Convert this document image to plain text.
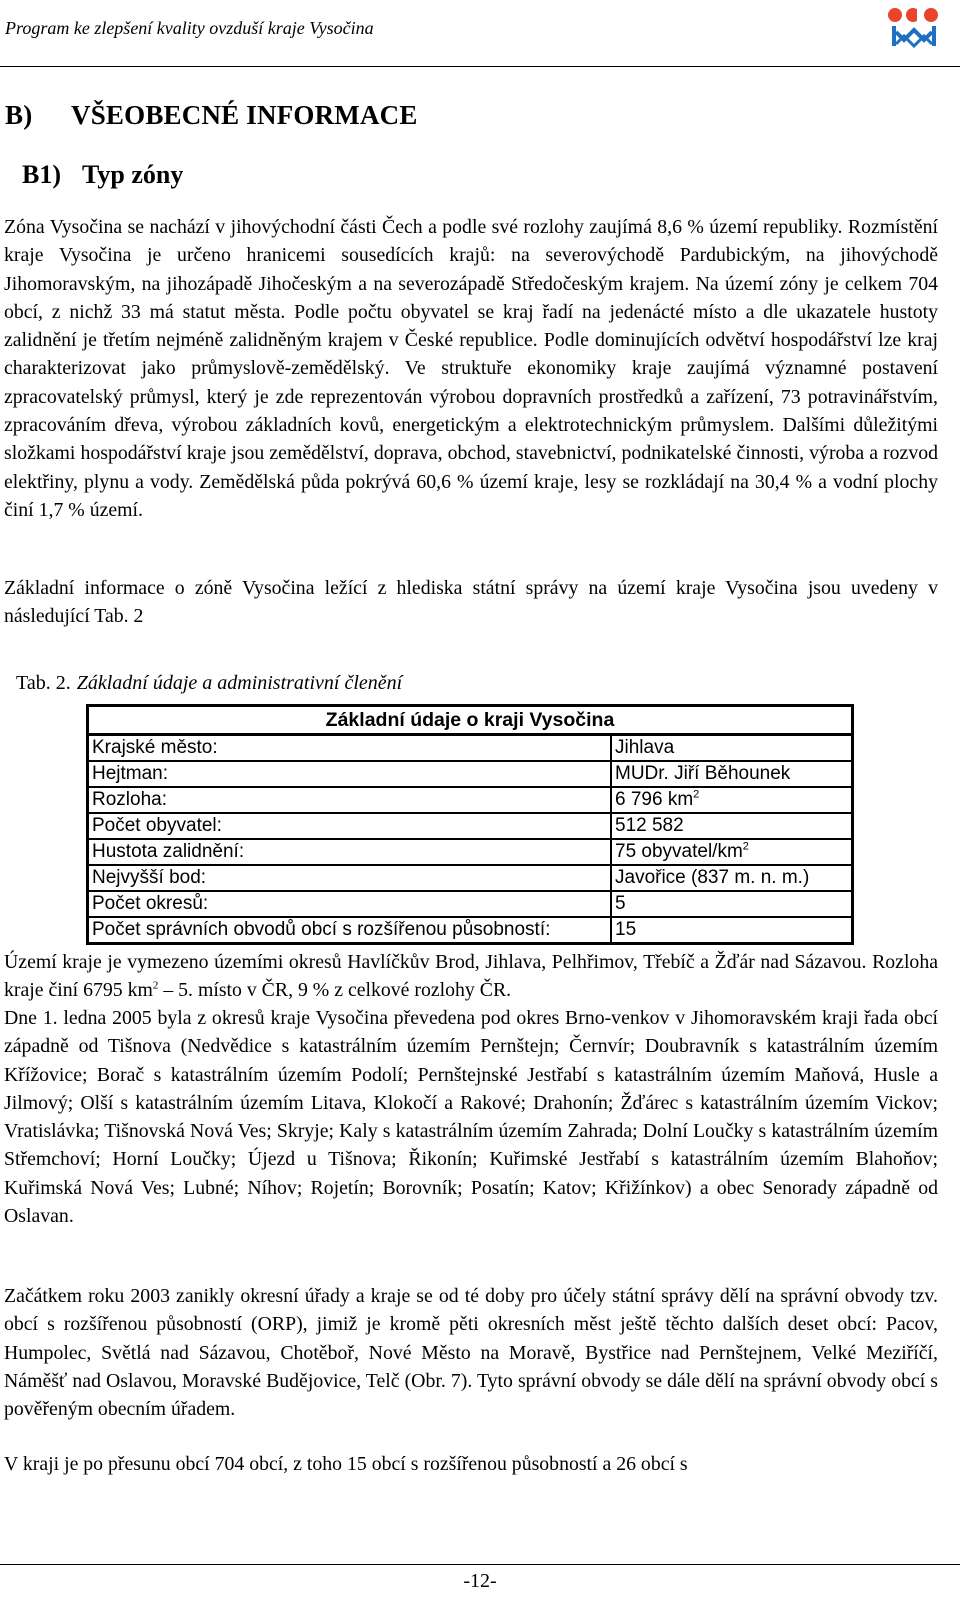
Program ke zlepšení kvality ovzduší kraje Vysočina
B) VŠEOBECNÉ INFORMACE
B1) Typ zóny

Zóna Vysočina se nachází v jihovýchodní části Čech a podle své rozlohy zaujímá 8,6 % území republiky. Rozmístění kraje Vysočina je určeno hranicemi sousedících krajů: na severovýchodě Pardubickým, na jihovýchodě Jihomoravským, na jihozápadě Jihočeským a na severozápadě Středočeským krajem. Na území zóny je celkem 704 obcí, z nichž 33 má statut města. Podle počtu obyvatel se kraj řadí na jedenácté místo a dle ukazatele hustoty zalidnění je třetím nejméně zalidněným krajem v České republice. Podle dominujících odvětví hospodářství lze kraj charakterizovat jako průmyslově-zemědělský. Ve struktuře ekonomiky kraje zaujímá významné postavení zpracovatelský průmysl, který je zde reprezentován výrobou dopravních prostředků a zařízení, 73 potravinářstvím, zpracováním dřeva, výrobou základních kovů, energetickým a elektrotechnickým průmyslem. Dalšími důležitými složkami hospodářství kraje jsou zemědělství, doprava, obchod, stavebnictví, podnikatelské činnosti, výroba a rozvod elektřiny, plynu a vody. Zemědělská půda pokrývá 60,6 % území kraje, lesy se rozkládají na 30,4 % a vodní plochy činí 1,7 % území.

Základní informace o zóně Vysočina ležící z hlediska státní správy na území kraje Vysočina jsou uvedeny v následující Tab. 2

Tab. 2. Základní údaje a administrativní členění
Základní údaje o kraji Vysočina	
Krajské město:	Jihlava
Hejtman:	MUDr. Jiří Běhounek
Rozloha:	6 796 $km^2$
Počet obyvatel:	512 582
Hustota zalidnění:	75 obyvatel/$km^2$
Nejvyšší bod:	Javořice (837 m. n. m.)
Počet okresů:	5
Počet správních obvodů obcí s rozšířenou působností:	15

Území kraje je vymezeno územími okresů Havlíčkův Brod, Jihlava, Pelhřimov, Třebíč a Žďár nad Sázavou. Rozloha kraje činí 6795 $km^2 - 5$. místo v ČR, 9 % z celkové rozlohy ČR.

Dne 1. ledna 2005 byla z okresů kraje Vysočina převedena pod okres Brno-venkov v Jihomoravském kraji řada obcí západně od Tišnova (Nedvědice s katastrálním územím Pernštejn; Černvír; Doubravník s katastrálním územím Křížovice; Borač s katastrálním územím Podolí; Pernštejnské Jestřabí s katastrálním územím Maňová, Husle a Jilmový; Olší s katastrálním územím Litava, Klokočí a Rakové; Drahonín; Žďárec s katastrálním územím Vickov; Vratislávka; Tišnovská Nová Ves; Skryje; Kaly s katastrálním územím Zahrada; Dolní Loučky s katastrálním územím Střemchoví; Horní Loučky; Újezd u Tišnova; Řikonín; Kuřimské Jestřabí s katastrálním územím Blahoňov; Kuřimská Nová Ves; Lubné; Níhov; Rojetín; Borovník; Posatín; Katov; Křižínkov) a obec Senorady západně od Oslavan.

Začátkem roku 2003 zanikly okresní úřady a kraje se od té doby pro účely státní správy dělí na správní obvody tzv. obcí s rozšířenou působností (ORP), jimiž je kromě pěti okresních měst ještě těchto dalších deset obcí: Pacov, Humpolec, Světlá nad Sázavou, Chotěboř, Nové Město na Moravě, Bystřice nad Pernštejnem, Velké Meziříčí, Náměšť nad Oslavou, Moravské Budějovice, Telč (Obr. 7). Tyto správní obvody se dále dělí na správní obvody obcí s pověřeným obecním úřadem.

V kraji je po přesunu obcí 704 obcí, z toho 15 obcí s rozšířenou působností a 26 obcí s

-12-
